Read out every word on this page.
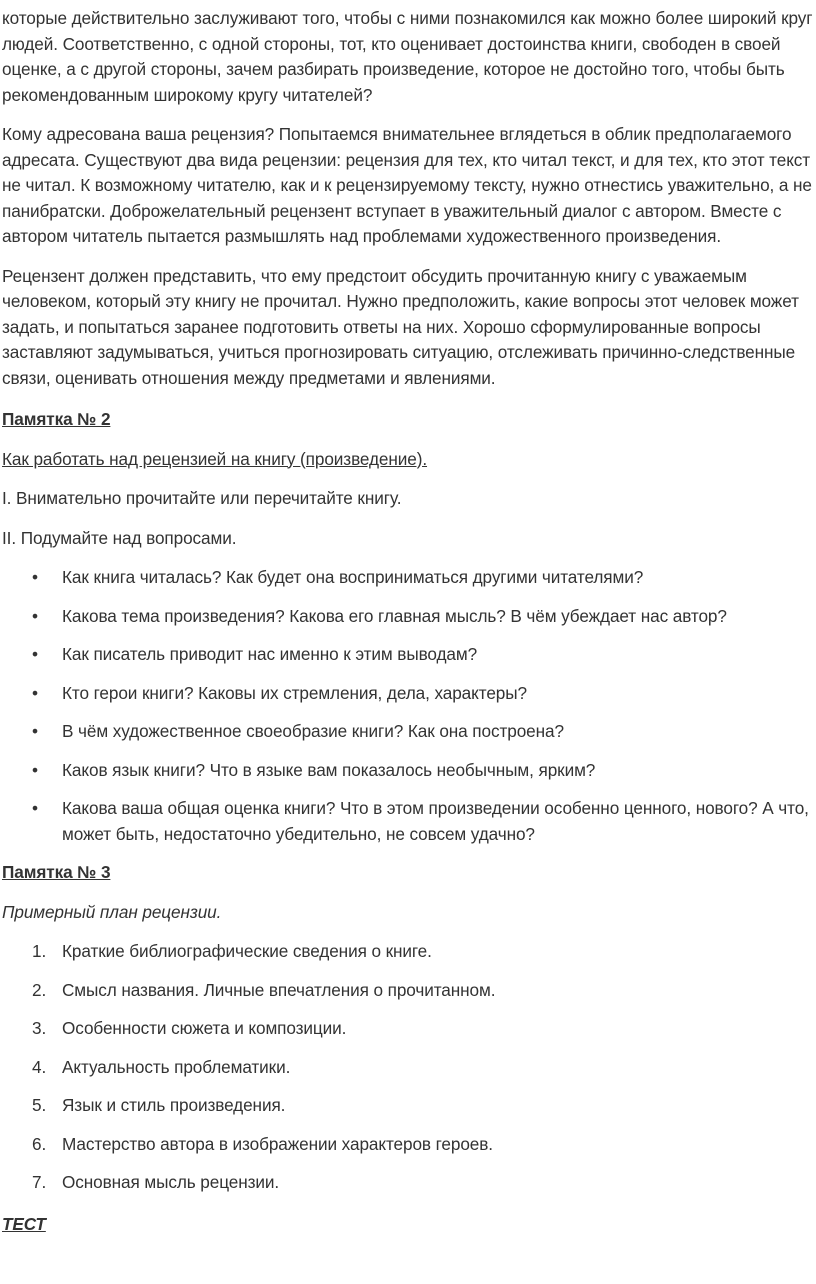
которые действительно заслуживают того, чтобы с ними познакомился как можно более широкий круг людей. Соответственно, с одной стороны, тот, кто оценивает достоинства книги, свободен в своей оценке, а с другой стороны, зачем разбирать произведение, которое не достойно того, чтобы быть рекомендованным широкому кругу читателей?

Кому адресована ваша рецензия? Попытаемся внимательнее вглядеться в облик предполагаемого адресата. Существуют два вида рецензии: рецензия для тех, кто читал текст, и для тех, кто этот текст не читал. К возможному читателю, как и к рецензируемому тексту, нужно отнестись уважительно, а не панибратски. Доброжелательный рецензент вступает в уважительный диалог с автором. Вместе с автором читатель пытается размышлять над проблемами художественного произведения.

Рецензент должен представить, что ему предстоит обсудить прочитанную книгу с уважаемым человеком, который эту книгу не прочитал. Нужно предположить, какие вопросы этот человек может задать, и попытаться заранее подготовить ответы на них. Хорошо сформулированные вопросы заставляют задумываться, учиться прогнозировать ситуацию, отслеживать причинно-следственные связи, оценивать отношения между предметами и явлениями.

Памятка № 2

Как работать над рецензией на книгу (произведение).

I. Внимательно прочитайте или перечитайте книгу.

II. Подумайте над вопросами.

• Как книга читалась? Как будет она восприниматься другими читателями?
• Какова тема произведения? Какова его главная мысль? В чём убеждает нас автор?
• Как писатель приводит нас именно к этим выводам?
• Кто герои книги? Каковы их стремления, дела, характеры?
• В чём художественное своеобразие книги? Как она построена?
• Каков язык книги? Что в языке вам показалось необычным, ярким?
• Какова ваша общая оценка книги? Что в этом произведении особенно ценного, нового? А что, может быть, недостаточно убедительно, не совсем удачно?

Памятка № 3

Примерный план рецензии.

1. Краткие библиографические сведения о книге.
2. Смысл названия. Личные впечатления о прочитанном.
3. Особенности сюжета и композиции.
4. Актуальность проблематики.
5. Язык и стиль произведения.
6. Мастерство автора в изображении характеров героев.
7. Основная мысль рецензии.

ТЕСТ
